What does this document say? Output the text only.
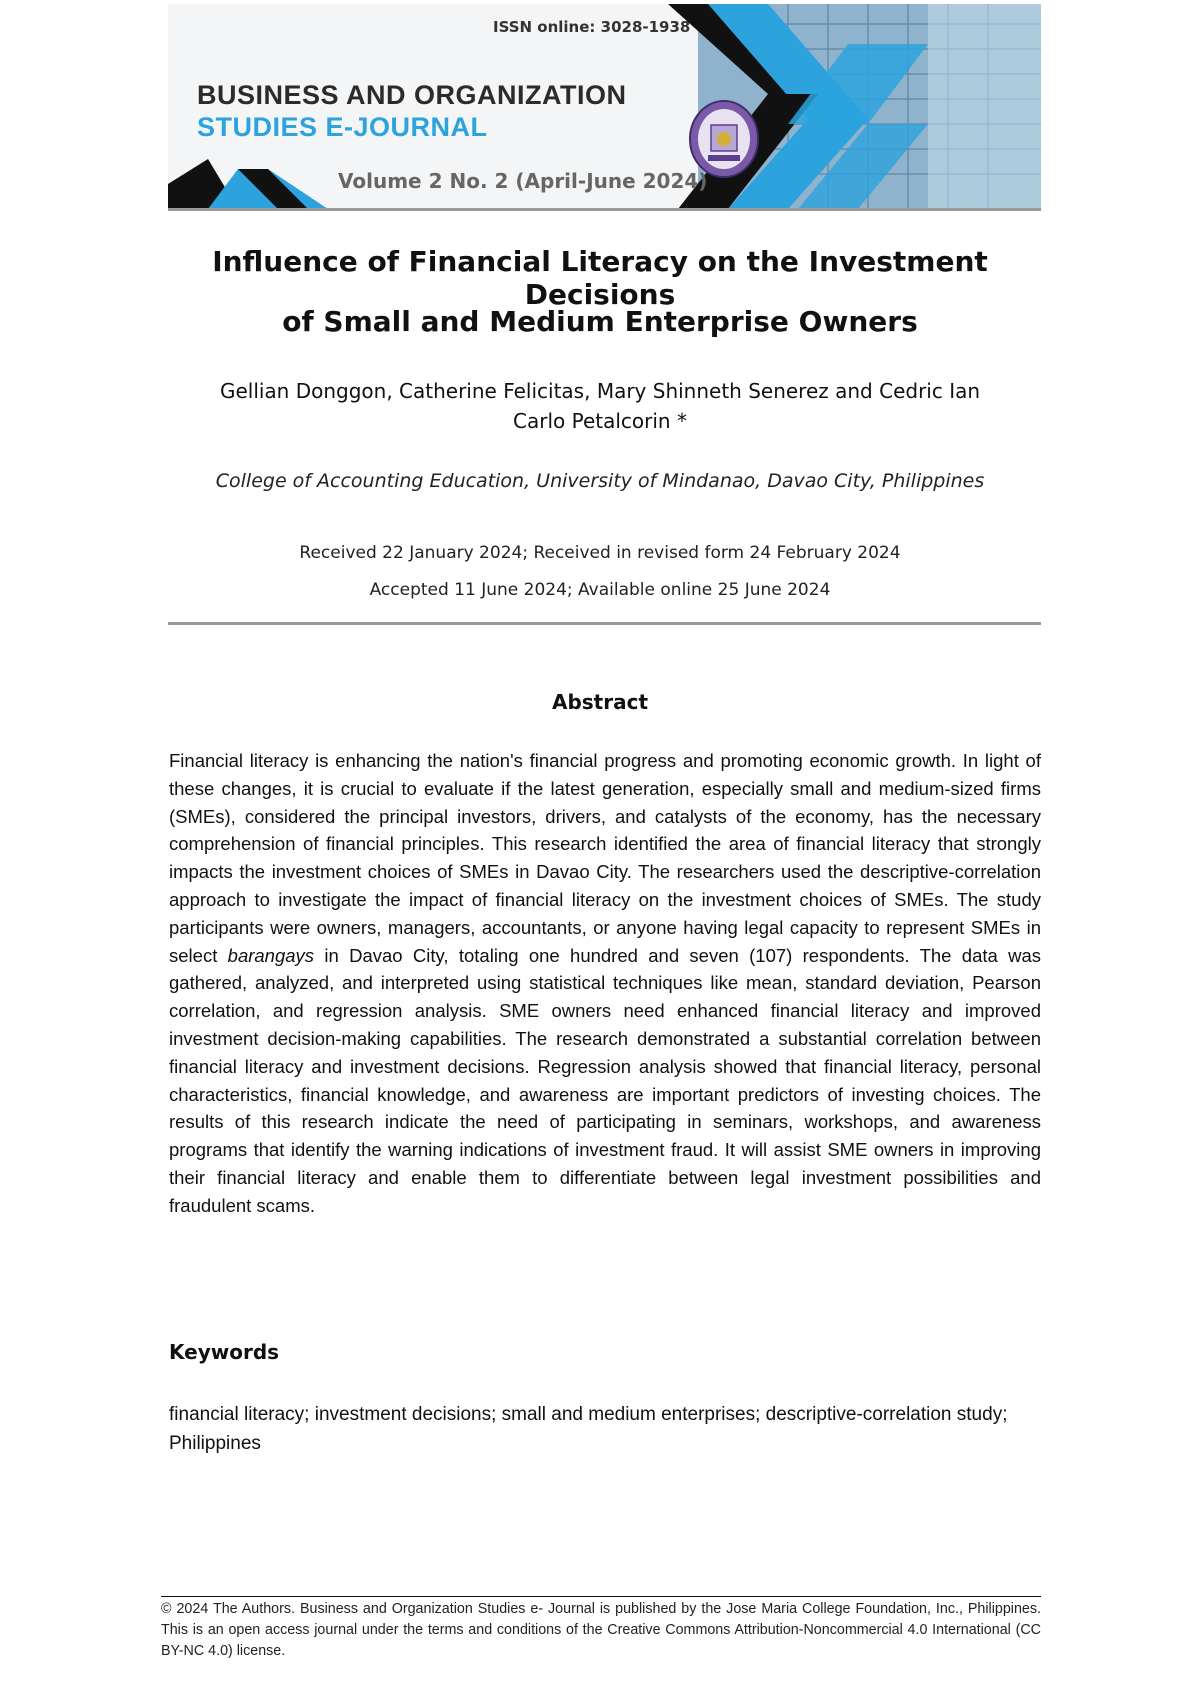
ISSN online: 3028-1938
BUSINESS AND ORGANIZATION
STUDIES E-JOURNAL
Volume 2 No. 2 (April-June 2024)
Influence of Financial Literacy on the Investment Decisions
of Small and Medium Enterprise Owners
Gellian Donggon, Catherine Felicitas, Mary Shinneth Senerez and Cedric Ian
Carlo Petalcorin *
College of Accounting Education, University of Mindanao, Davao City, Philippines
Received 22 January 2024; Received in revised form 24 February 2024
Accepted 11 June 2024; Available online 25 June 2024
Abstract
Financial literacy is enhancing the nation's financial progress and promoting economic growth. In light of these changes, it is crucial to evaluate if the latest generation, especially small and medium-sized firms (SMEs), considered the principal investors, drivers, and catalysts of the economy, has the necessary comprehension of financial principles. This research identified the area of financial literacy that strongly impacts the investment choices of SMEs in Davao City. The researchers used the descriptive-correlation approach to investigate the impact of financial literacy on the investment choices of SMEs. The study participants were owners, managers, accountants, or anyone having legal capacity to represent SMEs in select barangays in Davao City, totaling one hundred and seven (107) respondents. The data was gathered, analyzed, and interpreted using statistical techniques like mean, standard deviation, Pearson correlation, and regression analysis. SME owners need enhanced financial literacy and improved investment decision-making capabilities. The research demonstrated a substantial correlation between financial literacy and investment decisions. Regression analysis showed that financial literacy, personal characteristics, financial knowledge, and awareness are important predictors of investing choices. The results of this research indicate the need of participating in seminars, workshops, and awareness programs that identify the warning indications of investment fraud. It will assist SME owners in improving their financial literacy and enable them to differentiate between legal investment possibilities and fraudulent scams.
Keywords
financial literacy; investment decisions; small and medium enterprises; descriptive-correlation study; Philippines
© 2024 The Authors. Business and Organization Studies e- Journal is published by the Jose Maria College Foundation, Inc., Philippines. This is an open access journal under the terms and conditions of the Creative Commons Attribution-Noncommercial 4.0 International (CC BY-NC 4.0) license.
